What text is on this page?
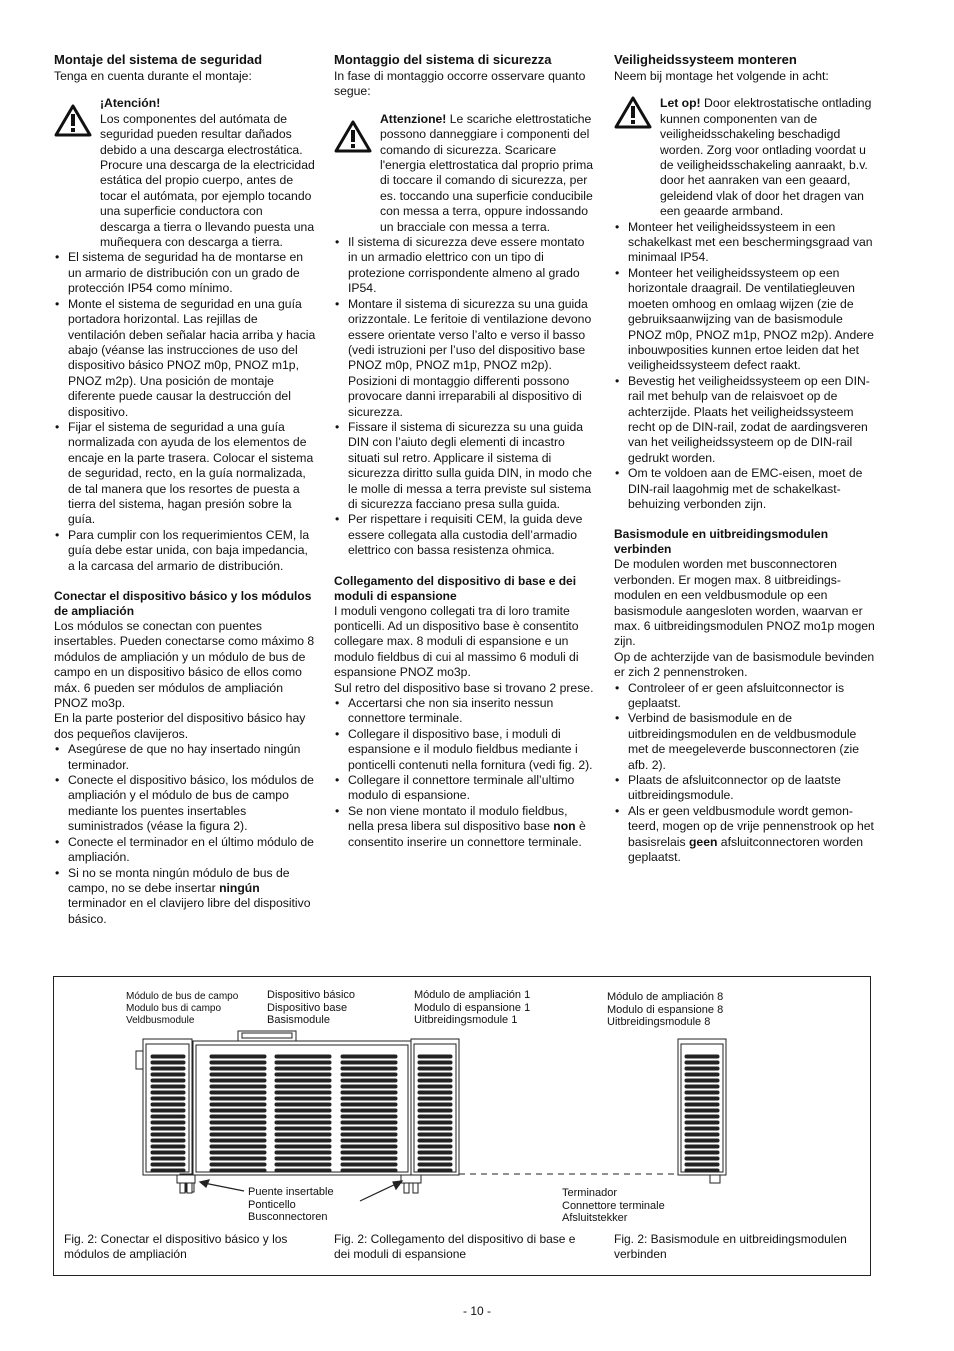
Montaje del sistema de seguridad

Tenga en cuenta durante el montaje:

¡Atención!
Los componentes del autómata de seguridad pueden resultar dañados debido a una descarga electrostática. Procure una descarga de la electricidad estática del propio cuerpo, antes de tocar el autómata, por ejemplo tocando una superficie conductora con descarga a tierra o llevando puesta una muñequera con descarga a tierra.

• El sistema de seguridad ha de montarse en un armario de distribución con un grado de protección IP54 como mínimo.
• Monte el sistema de seguridad en una guía portadora horizontal. Las rejillas de ventilación deben señalar hacia arriba y hacia abajo (véanse las instrucciones de uso del dispositivo básico PNOZ m0p, PNOZ m1p, PNOZ m2p). Una posición de montaje diferente puede causar la destrucción del dispositivo.
• Fijar el sistema de seguridad a una guía normalizada con ayuda de los elementos de encaje en la parte trasera. Colocar el sistema de seguridad, recto, en la guía normalizada, de tal manera que los resortes de puesta a tierra del sistema, hagan presión sobre la guía.
• Para cumplir con los requerimientos CEM, la guía debe estar unida, con baja impedancia, a la carcasa del armario de distribución.
Conectar el dispositivo básico y los módulos de ampliación

Los módulos se conectan con puentes insertables. Pueden conectarse como máximo 8 módulos de ampliación y un módulo de bus de campo en un dispositivo básico de ellos como máx. 6 pueden ser módulos de ampliación PNOZ mo3p.

En la parte posterior del dispositivo básico hay dos pequeños clavijeros.

• Asegúrese de que no hay insertado ningún terminador.
• Conecte el dispositivo básico, los módulos de ampliación y el módulo de bus de campo mediante los puentes insertables suministrados (véase la figura 2).
• Conecte el terminador en el último módulo de ampliación.
• Si no se monta ningún módulo de bus de campo, no se debe insertar ningún terminador en el clavijero libre del dispositivo básico.
Montaggio del sistema di sicurezza

In fase di montaggio occorre osservare quanto segue:

Attenzione! Le scariche elettrostatiche possono danneggiare i componenti del comando di sicurezza. Scaricare l'energia elettrostatica dal proprio prima di toccare il comando di sicurezza, per es. toccando una superficie conducibile con messa a terra, oppure indossando un bracciale con messa a terra.

• Il sistema di sicurezza deve essere montato in un armadio elettrico con un tipo di protezione corrispondente almeno al grado IP54.
• Montare il sistema di sicurezza su una guida orizzontale. Le feritoie di ventilazione devono essere orientate verso l’alto e verso il basso (vedi istruzioni per l’uso del dispositivo base PNOZ m0p, PNOZ m1p, PNOZ m2p). Posizioni di montaggio differenti possono provocare danni irreparabili al dispositivo di sicurezza.
• Fissare il sistema di sicurezza su una guida DIN con l’aiuto degli elementi di incastro situati sul retro. Applicare il sistema di sicurezza diritto sulla guida DIN, in modo che le molle di messa a terra previste sul sistema di sicurezza facciano presa sulla guida.
• Per rispettare i requisiti CEM, la guida deve essere collegata alla custodia dell’armadio elettrico con bassa resistenza ohmica.
Collegamento del dispositivo di base e dei moduli di espansione

I moduli vengono collegati tra di loro tramite ponticelli. Ad un dispositivo base è consentito collegare max. 8 moduli di espansione e un modulo fieldbus di cui al massimo 6 moduli di espansione PNOZ mo3p.

Sul retro del dispositivo base si trovano 2 prese.

• Accertarsi che non sia inserito nessun connettore terminale.
• Collegare il dispositivo base, i moduli di espansione e il modulo fieldbus mediante i ponticelli contenuti nella fornitura (vedi fig. 2).
• Collegare il connettore terminale all’ultimo modulo di espansione.
• Se non viene montato il modulo fieldbus, nella presa libera sul dispositivo base non è consentito inserire un connettore terminale.
Veiligheidssysteem monteren

Neem bij montage het volgende in acht:

Let op! Door elektrostatische ontlading kunnen componenten van de veiligheidsschakeling beschadigd worden. Zorg voor ontlading voordat u de veiligheidsschakeling aanraakt, b.v. door het aanraken van een geaard, geleidend vlak of door het dragen van een geaarde armband.

• Monteer het veiligheidssysteem in een schakelkast met een beschermingsgraad van minimaal IP54.
• Monteer het veiligheidssysteem op een horizontale draagrail. De ventilatiegleuven moeten omhoog en omlaag wijzen (zie de gebruiksaanwijzing van de basismodule PNOZ m0p, PNOZ m1p, PNOZ m2p). Andere inbouwposities kunnen ertoe leiden dat het veiligheidssysteem defect raakt.
• Bevestig het veiligheidssysteem op een DIN-rail met behulp van de relaisvoet op de achterzijde. Plaats het veiligheidssysteem recht op de DIN-rail, zodat de aardingsveren van het veiligheidssysteem op de DIN-rail gedrukt worden.
• Om te voldoen aan de EMC-eisen, moet de DIN-rail laagohmig met de schakelkastbehuizing verbonden zijn.
Basismodule en uitbreidingsmodulen verbinden

De modulen worden met busconnectoren verbonden. Er mogen max. 8 uitbreidingsmodulen en een veldbusmodule op een basismodule aangesloten worden, waarvan er max. 6 uitbreidingsmodulen PNOZ mo1p mogen zijn.

Op de achterzijde van de basismodule bevinden er zich 2 pennenstroken.

• Controleer of er geen afsluitconnector is geplaatst.
• Verbind de basismodule en de uitbreidingsmodulen en de veldbusmodule met de meegeleverde busconnectoren (zie afb. 2).
• Plaats de afsluitconnector op de laatste uitbreidingsmodule.
• Als er geen veldbusmodule wordt gemonteerd, mogen op de vrije pennenstrook op het basisrelais geen afsluitconnectoren worden geplaatst.
Módulo de bus de campo
Modulo bus di campo
Veldbusmodule
Dispositivo básico
Dispositivo base
Basismodule
Módulo de ampliación 1
Modulo di espansione 1
Uitbreidingsmodule 1
Módulo de ampliación 8
Modulo di espansione 8
Uitbreidingsmodule 8
Puente insertable
Ponticello
Busconnectoren
Terminador
Connettore terminale
Afsluitstekker
Fig. 2: Conectar el dispositivo básico y los módulos de ampliación
Fig. 2: Collegamento del dispositivo di base e dei moduli di espansione
Fig. 2: Basismodule en uitbreidingsmodulen verbinden
- 10 -
